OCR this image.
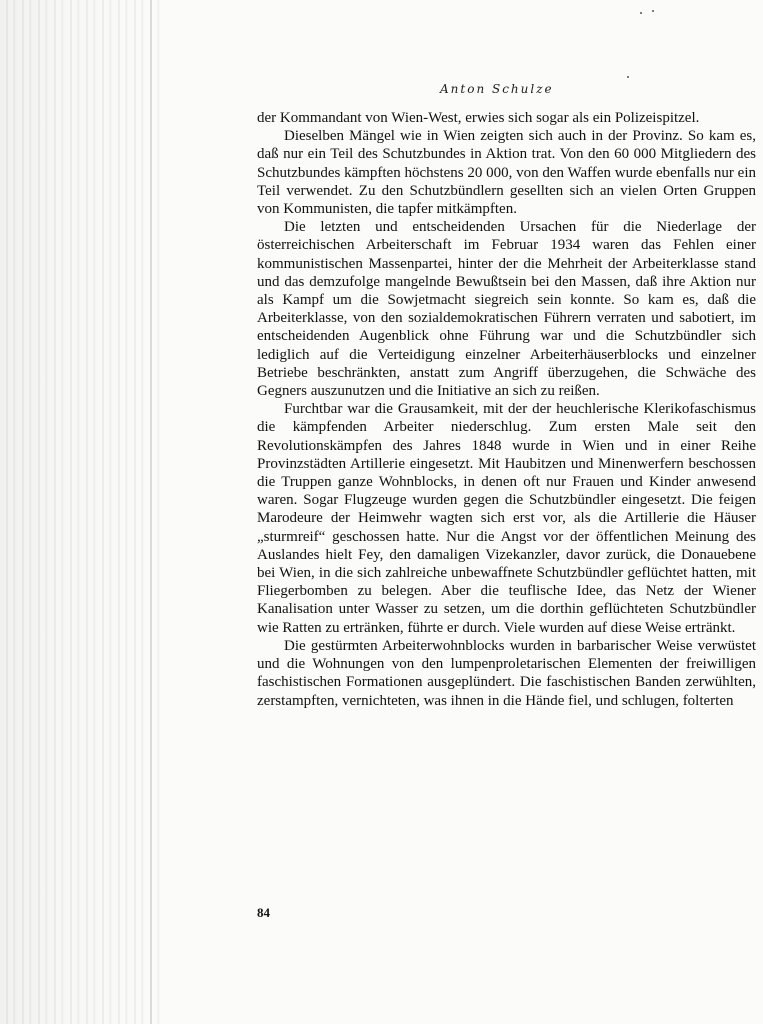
Anton Schulze

der Kommandant von Wien-West, erwies sich sogar als ein Polizeispitzel.

Dieselben Mängel wie in Wien zeigten sich auch in der Provinz. So kam es, daß nur ein Teil des Schutzbundes in Aktion trat. Von den 60 000 Mitgliedern des Schutzbundes kämpften höchstens 20 000, von den Waffen wurde ebenfalls nur ein Teil verwendet. Zu den Schutzbündlern gesellten sich an vielen Orten Gruppen von Kommunisten, die tapfer mitkämpften.

Die letzten und entscheidenden Ursachen für die Niederlage der österreichischen Arbeiterschaft im Februar 1934 waren das Fehlen einer kommunistischen Massenpartei, hinter der die Mehrheit der Arbeiterklasse stand und das demzufolge mangelnde Bewußtsein bei den Massen, daß ihre Aktion nur als Kampf um die Sowjetmacht siegreich sein konnte. So kam es, daß die Arbeiterklasse, von den sozialdemokratischen Führern verraten und sabotiert, im entscheidenden Augenblick ohne Führung war und die Schutzbündler sich lediglich auf die Verteidigung einzelner Arbeiterhäuserblocks und einzelner Betriebe beschränkten, anstatt zum Angriff überzugehen, die Schwäche des Gegners auszunutzen und die Initiative an sich zu reißen.

Furchtbar war die Grausamkeit, mit der der heuchlerische Klerikofaschismus die kämpfenden Arbeiter niederschlug. Zum ersten Male seit den Revolutionskämpfen des Jahres 1848 wurde in Wien und in einer Reihe Provinzstädten Artillerie eingesetzt. Mit Haubitzen und Minenwerfern beschossen die Truppen ganze Wohnblocks, in denen oft nur Frauen und Kinder anwesend waren. Sogar Flugzeuge wurden gegen die Schutzbündler eingesetzt. Die feigen Marodeure der Heimwehr wagten sich erst vor, als die Artillerie die Häuser „sturmreif“ geschossen hatte. Nur die Angst vor der öffentlichen Meinung des Auslandes hielt Fey, den damaligen Vizekanzler, davor zurück, die Donauebene bei Wien, in die sich zahlreiche unbewaffnete Schutzbündler geflüchtet hatten, mit Fliegerbomben zu belegen. Aber die teuflische Idee, das Netz der Wiener Kanalisation unter Wasser zu setzen, um die dorthin geflüchteten Schutzbündler wie Ratten zu ertränken, führte er durch. Viele wurden auf diese Weise ertränkt.

Die gestürmten Arbeiterwohnblocks wurden in barbarischer Weise verwüstet und die Wohnungen von den lumpenproletarischen Elementen der freiwilligen faschistischen Formationen ausgeplündert. Die faschistischen Banden zerwühlten, zerstampften, vernichteten, was ihnen in die Hände fiel, und schlugen, folterten

84
